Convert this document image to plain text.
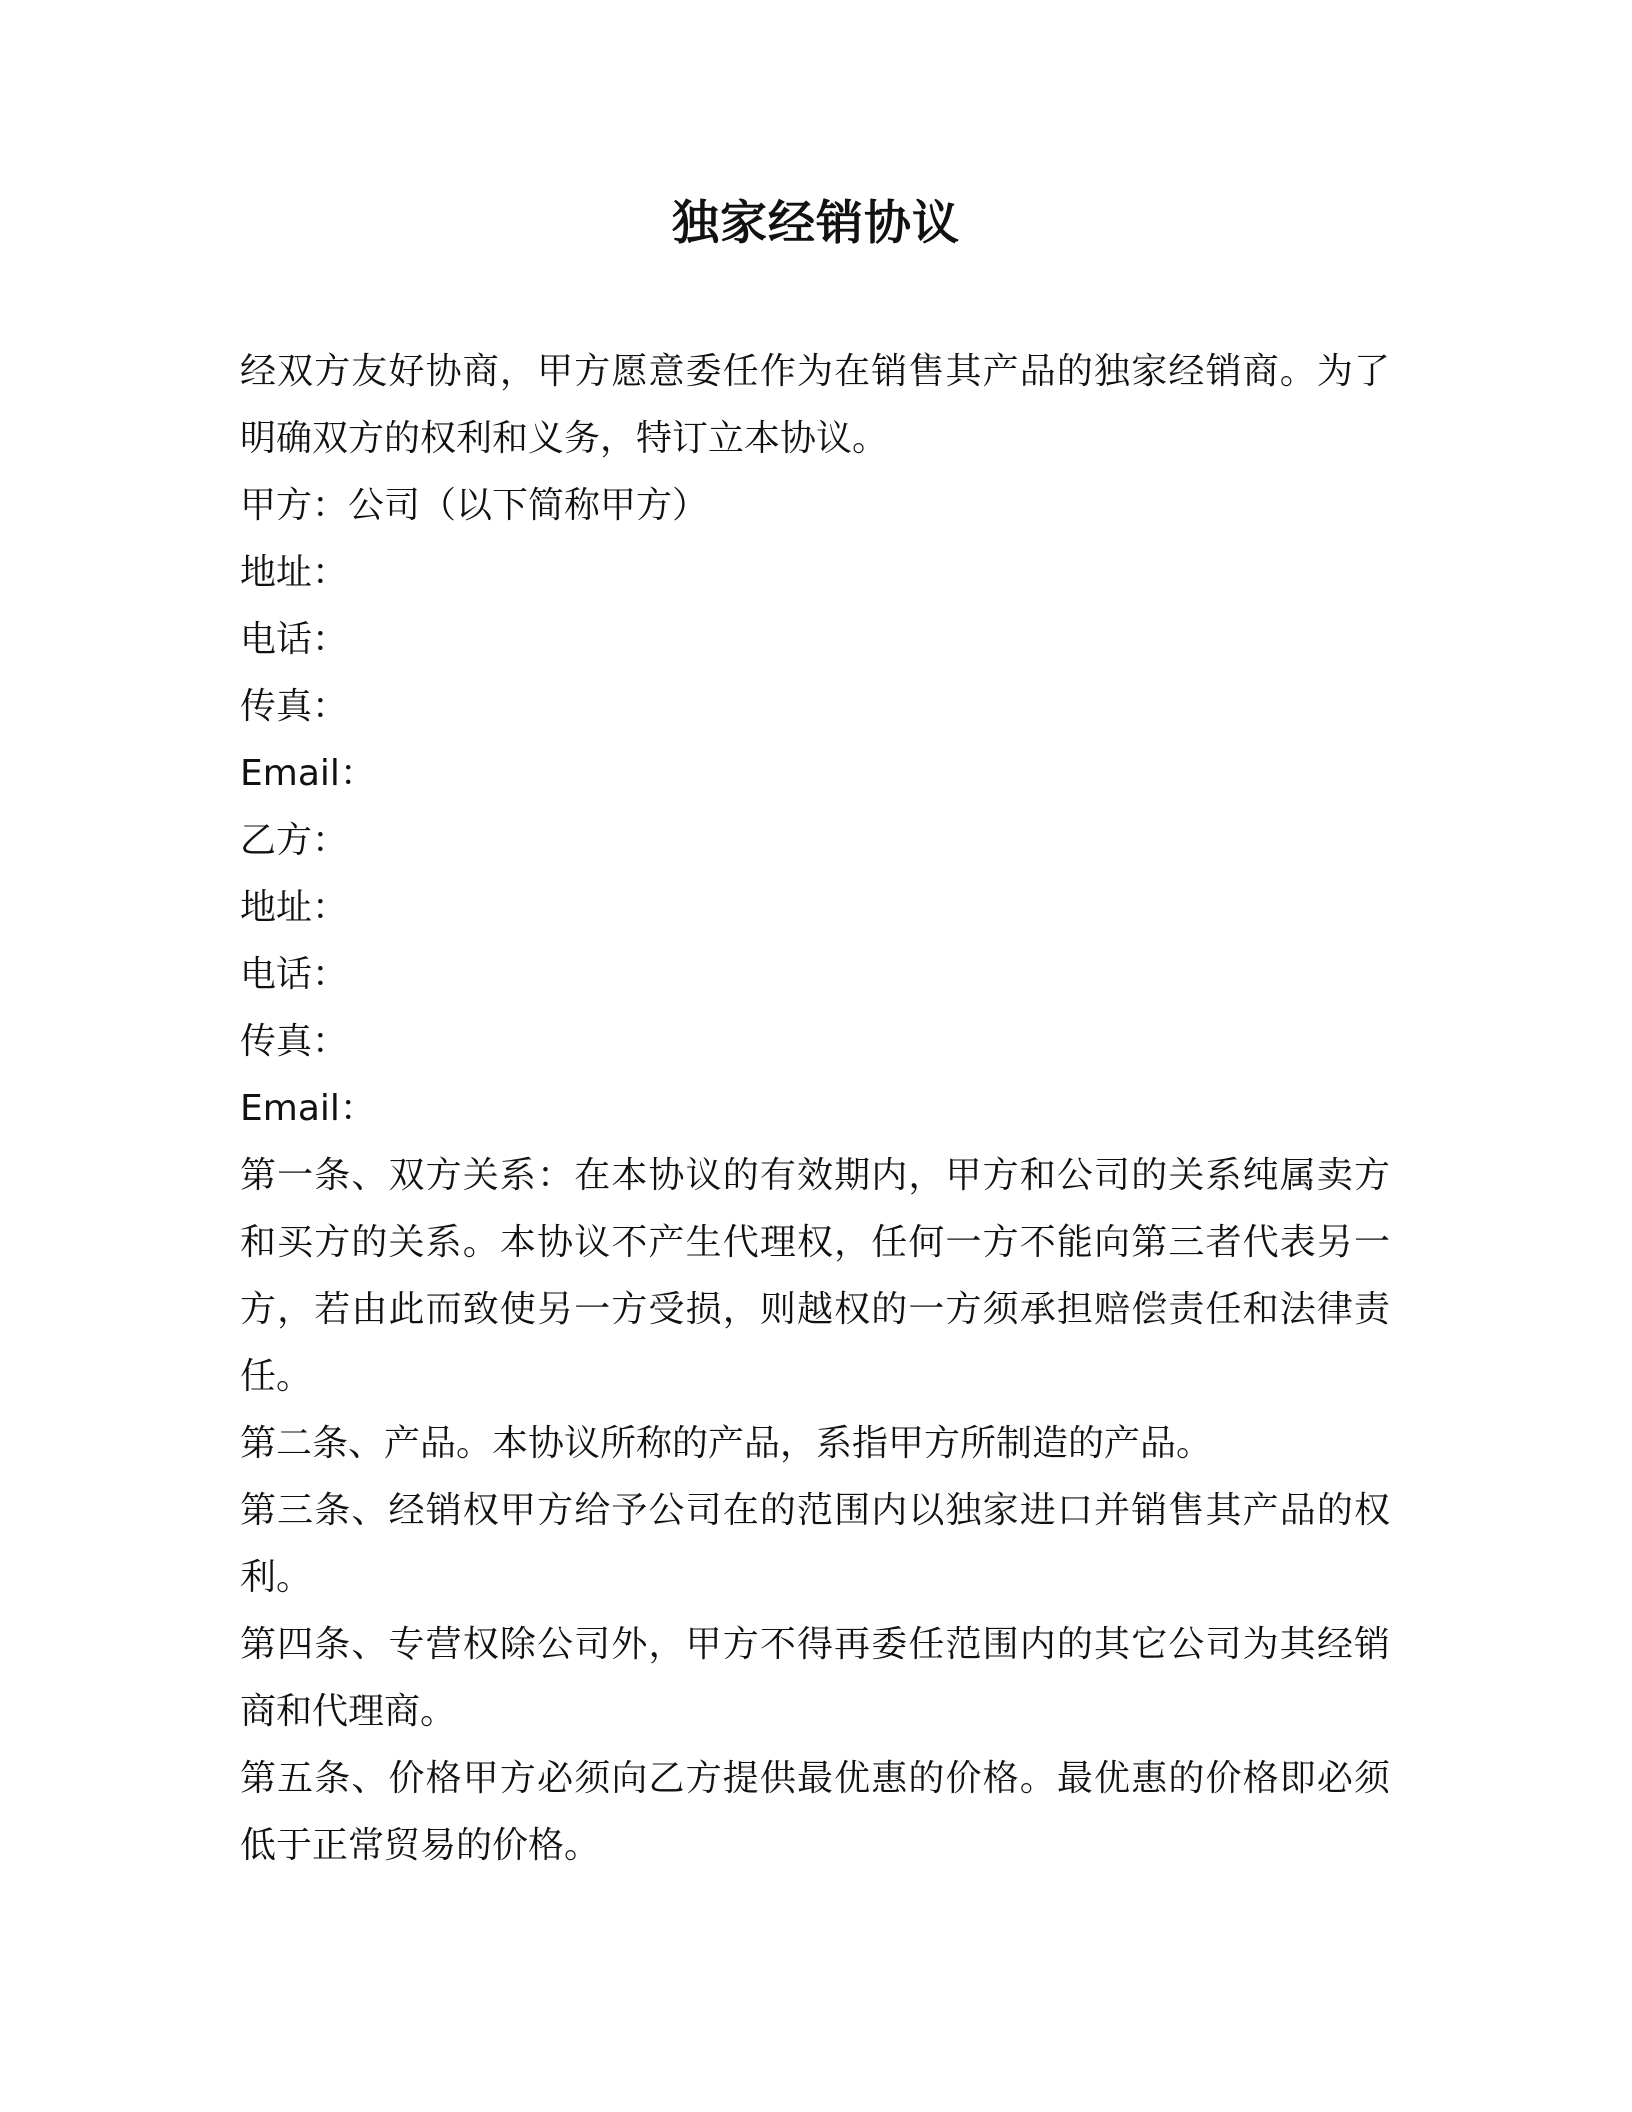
独家经销协议

经双方友好协商，甲方愿意委任作为在销售其产品的独家经销商。为了明确双方的权利和义务，特订立本协议。

甲方：公司（以下简称甲方）

地址：

电话：

传真：

Email：

乙方：

地址：

电话：

传真：

Email：

第一条、双方关系：在本协议的有效期内，甲方和公司的关系纯属卖方和买方的关系。本协议不产生代理权，任何一方不能向第三者代表另一方，若由此而致使另一方受损，则越权的一方须承担赔偿责任和法律责任。

第二条、产品。本协议所称的产品，系指甲方所制造的产品。

第三条、经销权甲方给予公司在的范围内以独家进口并销售其产品的权利。

第四条、专营权除公司外，甲方不得再委任范围内的其它公司为其经销商和代理商。

第五条、价格甲方必须向乙方提供最优惠的价格。最优惠的价格即必须低于正常贸易的价格。
